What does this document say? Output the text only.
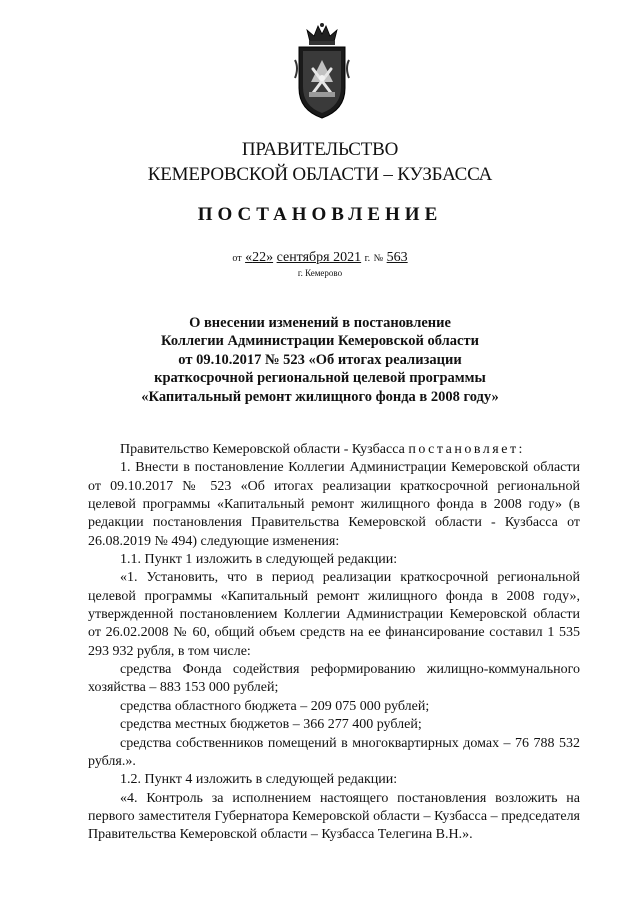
ПРАВИТЕЛЬСТВО
КЕМЕРОВСКОЙ ОБЛАСТИ – КУЗБАССА
ПОСТАНОВЛЕНИЕ
от «22» сентября 2021 г. № 563
г. Кемерово
О внесении изменений в постановление
Коллегии Администрации Кемеровской области
от 09.10.2017 № 523 «Об итогах реализации
краткосрочной региональной целевой программы
«Капитальный ремонт жилищного фонда в 2008 году»

Правительство Кемеровской области - Кузбасса постановляет:

1. Внести в постановление Коллегии Администрации Кемеровской области от 09.10.2017 № 523 «Об итогах реализации краткосрочной региональной целевой программы «Капитальный ремонт жилищного фонда в 2008 году» (в редакции постановления Правительства Кемеровской области - Кузбасса от 26.08.2019 № 494) следующие изменения:

1.1. Пункт 1 изложить в следующей редакции:

«1. Установить, что в период реализации краткосрочной региональной целевой программы «Капитальный ремонт жилищного фонда в 2008 году», утвержденной постановлением Коллегии Администрации Кемеровской области от 26.02.2008 № 60, общий объем средств на ее финансирование составил 1 535 293 932 рубля, в том числе:

средства Фонда содействия реформированию жилищно-коммунального хозяйства – 883 153 000 рублей;

средства областного бюджета – 209 075 000 рублей;

средства местных бюджетов – 366 277 400 рублей;

средства собственников помещений в многоквартирных домах – 76 788 532 рубля.».

1.2. Пункт 4 изложить в следующей редакции:

«4. Контроль за исполнением настоящего постановления возложить на первого заместителя Губернатора Кемеровской области – Кузбасса – председателя Правительства Кемеровской области – Кузбасса Телегина В.Н.».
